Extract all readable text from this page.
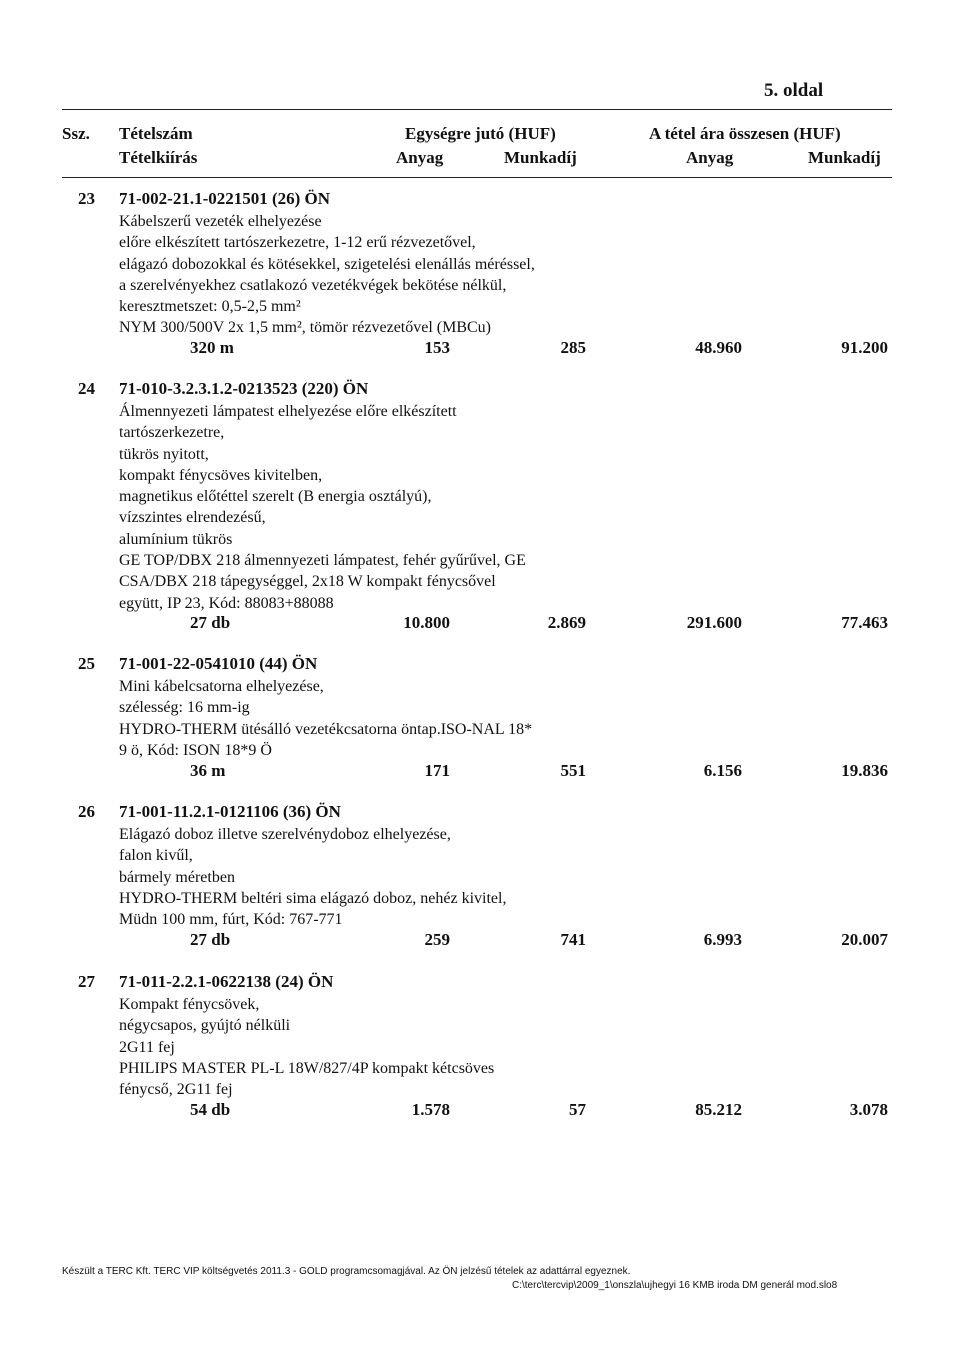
5. oldal
Ssz. Tételszám
Tételkiírás
Egységre jutó (HUF)
Anyag	Munkadíj
A tétel ára összesen (HUF)
Anyag	Munkadíj
23 71-002-21.1-0221501 (26) ÖN
Kábelszerű vezeték elhelyezése
előre elkészített tartószerkezetre, 1-12 erű rézvezetővel,
elágazó dobozokkal és kötésekkel, szigetelési elenállás méréssel,
a szerelvényekhez csatlakozó vezetékvégek bekötése nélkül,
keresztmetszet: 0,5-2,5 mm²
NYM 300/500V 2x 1,5 mm², tömör rézvezetővel (MBCu)
320 m	153	285	48.960	91.200
24 71-010-3.2.3.1.2-0213523 (220) ÖN
Álmennyezeti lámpatest elhelyezése előre elkészített
tartószerkezetre,
tükrös nyitott,
kompakt fénycsöves kivitelben,
magnetikus előtéttel szerelt (B energia osztályú),
vízszintes elrendezésű,
alumínium tükrös
GE TOP/DBX 218 álmennyezeti lámpatest, fehér gyűrűvel, GE
CSA/DBX 218 tápegységgel, 2x18 W kompakt fénycsővel
együtt, IP 23, Kód: 88083+88088
27 db	10.800	2.869	291.600	77.463
25 71-001-22-0541010 (44) ÖN
Mini kábelcsatorna elhelyezése,
szélesség: 16 mm-ig
HYDRO-THERM ütésálló vezetékcsatorna öntap.ISO-NAL 18*
9 ö, Kód: ISON 18*9 Ö
36 m	171	551	6.156	19.836
26 71-001-11.2.1-0121106 (36) ÖN
Elágazó doboz illetve szerelvénydoboz elhelyezése,
falon kivűl,
bármely méretben
HYDRO-THERM beltéri sima elágazó doboz, nehéz kivitel,
Müdn 100 mm, fúrt, Kód: 767-771
27 db	259	741	6.993	20.007
27 71-011-2.2.1-0622138 (24) ÖN
Kompakt fénycsövek,
négycsapos, gyújtó nélküli
2G11 fej
PHILIPS MASTER PL-L 18W/827/4P kompakt kétcsöves
fénycső, 2G11 fej
54 db	1.578	57	85.212	3.078
Készült a TERC Kft. TERC VIP költségvetés 2011.3 - GOLD programcsomagjával. Az ÖN jelzésű tételek az adattárral egyeznek.
C:\terc\tercvip\2009_1\onszla\ujhegyi 16 KMB iroda DM generál mod.slo8
